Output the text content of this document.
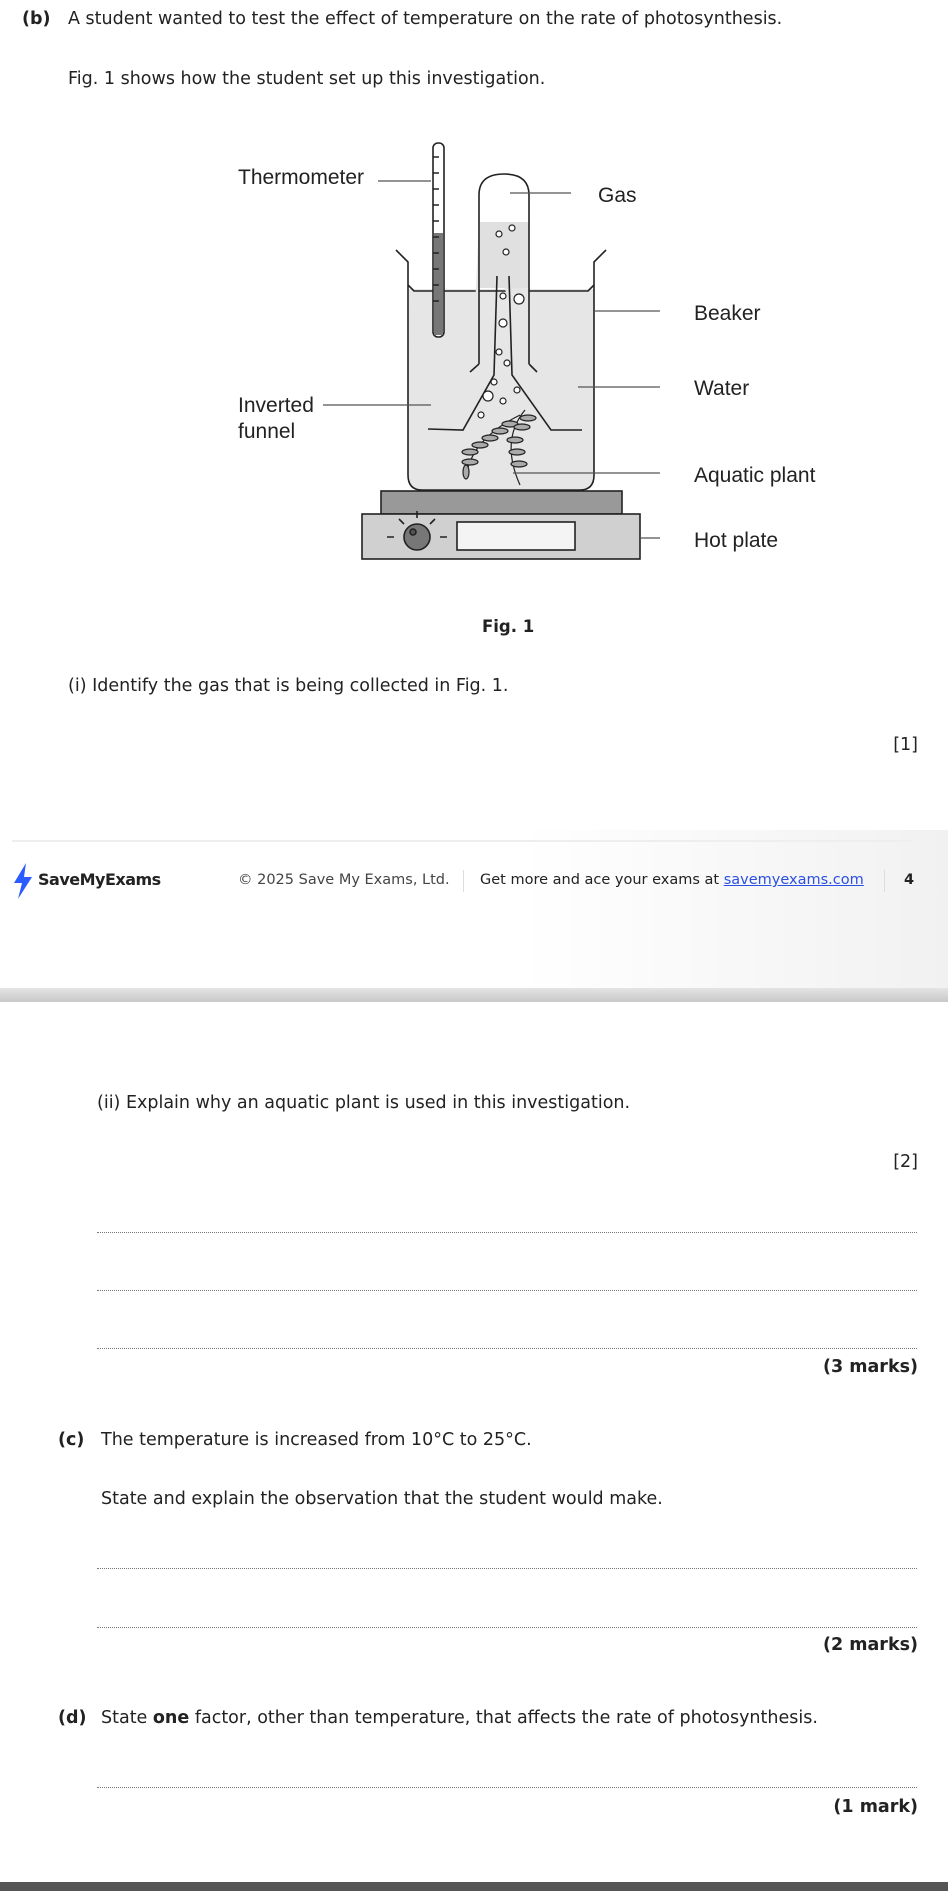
(b) A student wanted to test the effect of temperature on the rate of photosynthesis.
Fig. 1 shows how the student set up this investigation.
Thermometer
Gas
Beaker
Water
Inverted
funnel
Aquatic plant
Hot plate
Fig. 1
(i) Identify the gas that is being collected in Fig. 1.
[1]
SaveMyExams	© 2025 Save My Exams, Ltd. Get more and ace your exams at savemyexams.com	4
(ii) Explain why an aquatic plant is used in this investigation.
[2]
(3 marks)
(c) The temperature is increased from 10°C to 25°C.
State and explain the observation that the student would make.
(2 marks)
(d) State one factor, other than temperature, that affects the rate of photosynthesis.
(1 mark)
